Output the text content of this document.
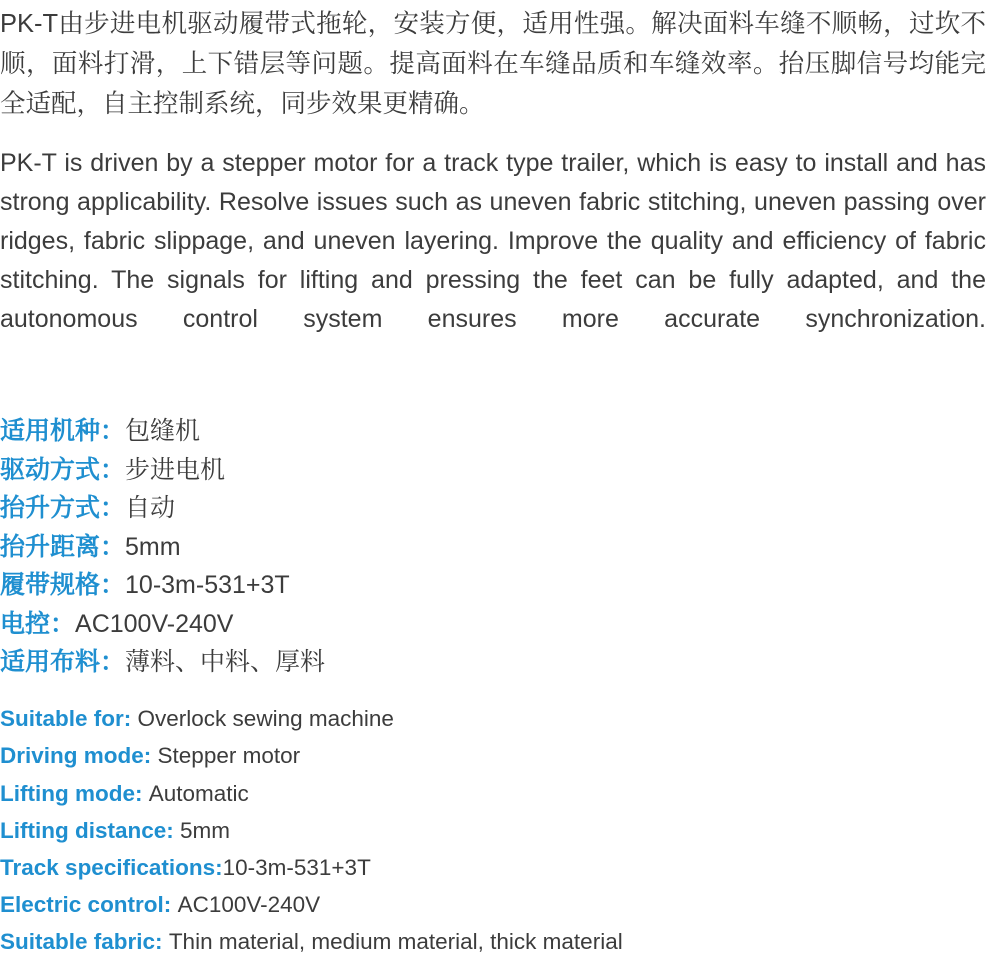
PK-T由步进电机驱动履带式拖轮，安装方便，适用性强。解决面料车缝不顺畅，过坎不顺，面料打滑，上下错层等问题。提高面料在车缝品质和车缝效率。抬压脚信号均能完全适配，自主控制系统，同步效果更精确。

PK-T is driven by a stepper motor for a track type trailer, which is easy to install and has strong applicability. Resolve issues such as uneven fabric stitching, uneven passing over ridges, fabric slippage, and uneven layering. Improve the quality and efficiency of fabric stitching. The signals for lifting and pressing the feet can be fully adapted, and the autonomous control system ensures more accurate synchronization.

适用机种：包缝机
驱动方式：步进电机
抬升方式：自动
抬升距离：5mm
履带规格：10-3m-531+3T
电控：AC100V-240V
适用布料：薄料、中料、厚料
Suitable for: Overlock sewing machine
Driving mode: Stepper motor
Lifting mode: Automatic
Lifting distance: 5mm
Track specifications:10-3m-531+3T
Electric control: AC100V-240V
Suitable fabric: Thin material, medium material, thick material
